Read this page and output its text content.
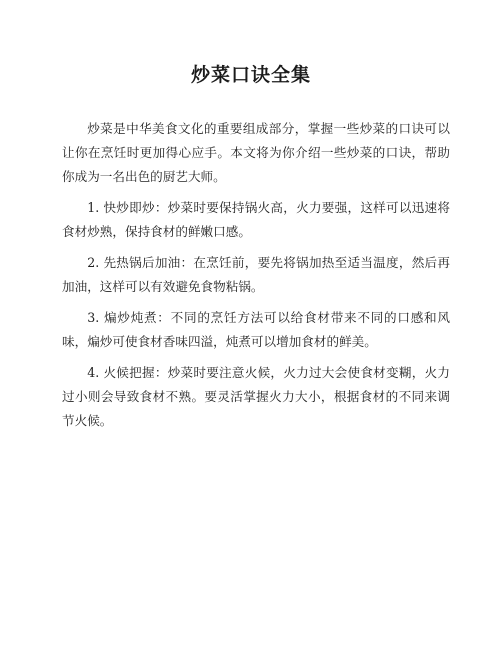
炒菜口诀全集

炒菜是中华美食文化的重要组成部分，掌握一些炒菜的口诀可以让你在烹饪时更加得心应手。本文将为你介绍一些炒菜的口诀，帮助你成为一名出色的厨艺大师。

1. 快炒即炒：炒菜时要保持锅火高，火力要强，这样可以迅速将食材炒熟，保持食材的鲜嫩口感。

2. 先热锅后加油：在烹饪前，要先将锅加热至适当温度，然后再加油，这样可以有效避免食物粘锅。

3. 煸炒炖煮：不同的烹饪方法可以给食材带来不同的口感和风味，煸炒可使食材香味四溢，炖煮可以增加食材的鲜美。

4. 火候把握：炒菜时要注意火候，火力过大会使食材变糊，火力过小则会导致食材不熟。要灵活掌握火力大小，根据食材的不同来调节火候。
